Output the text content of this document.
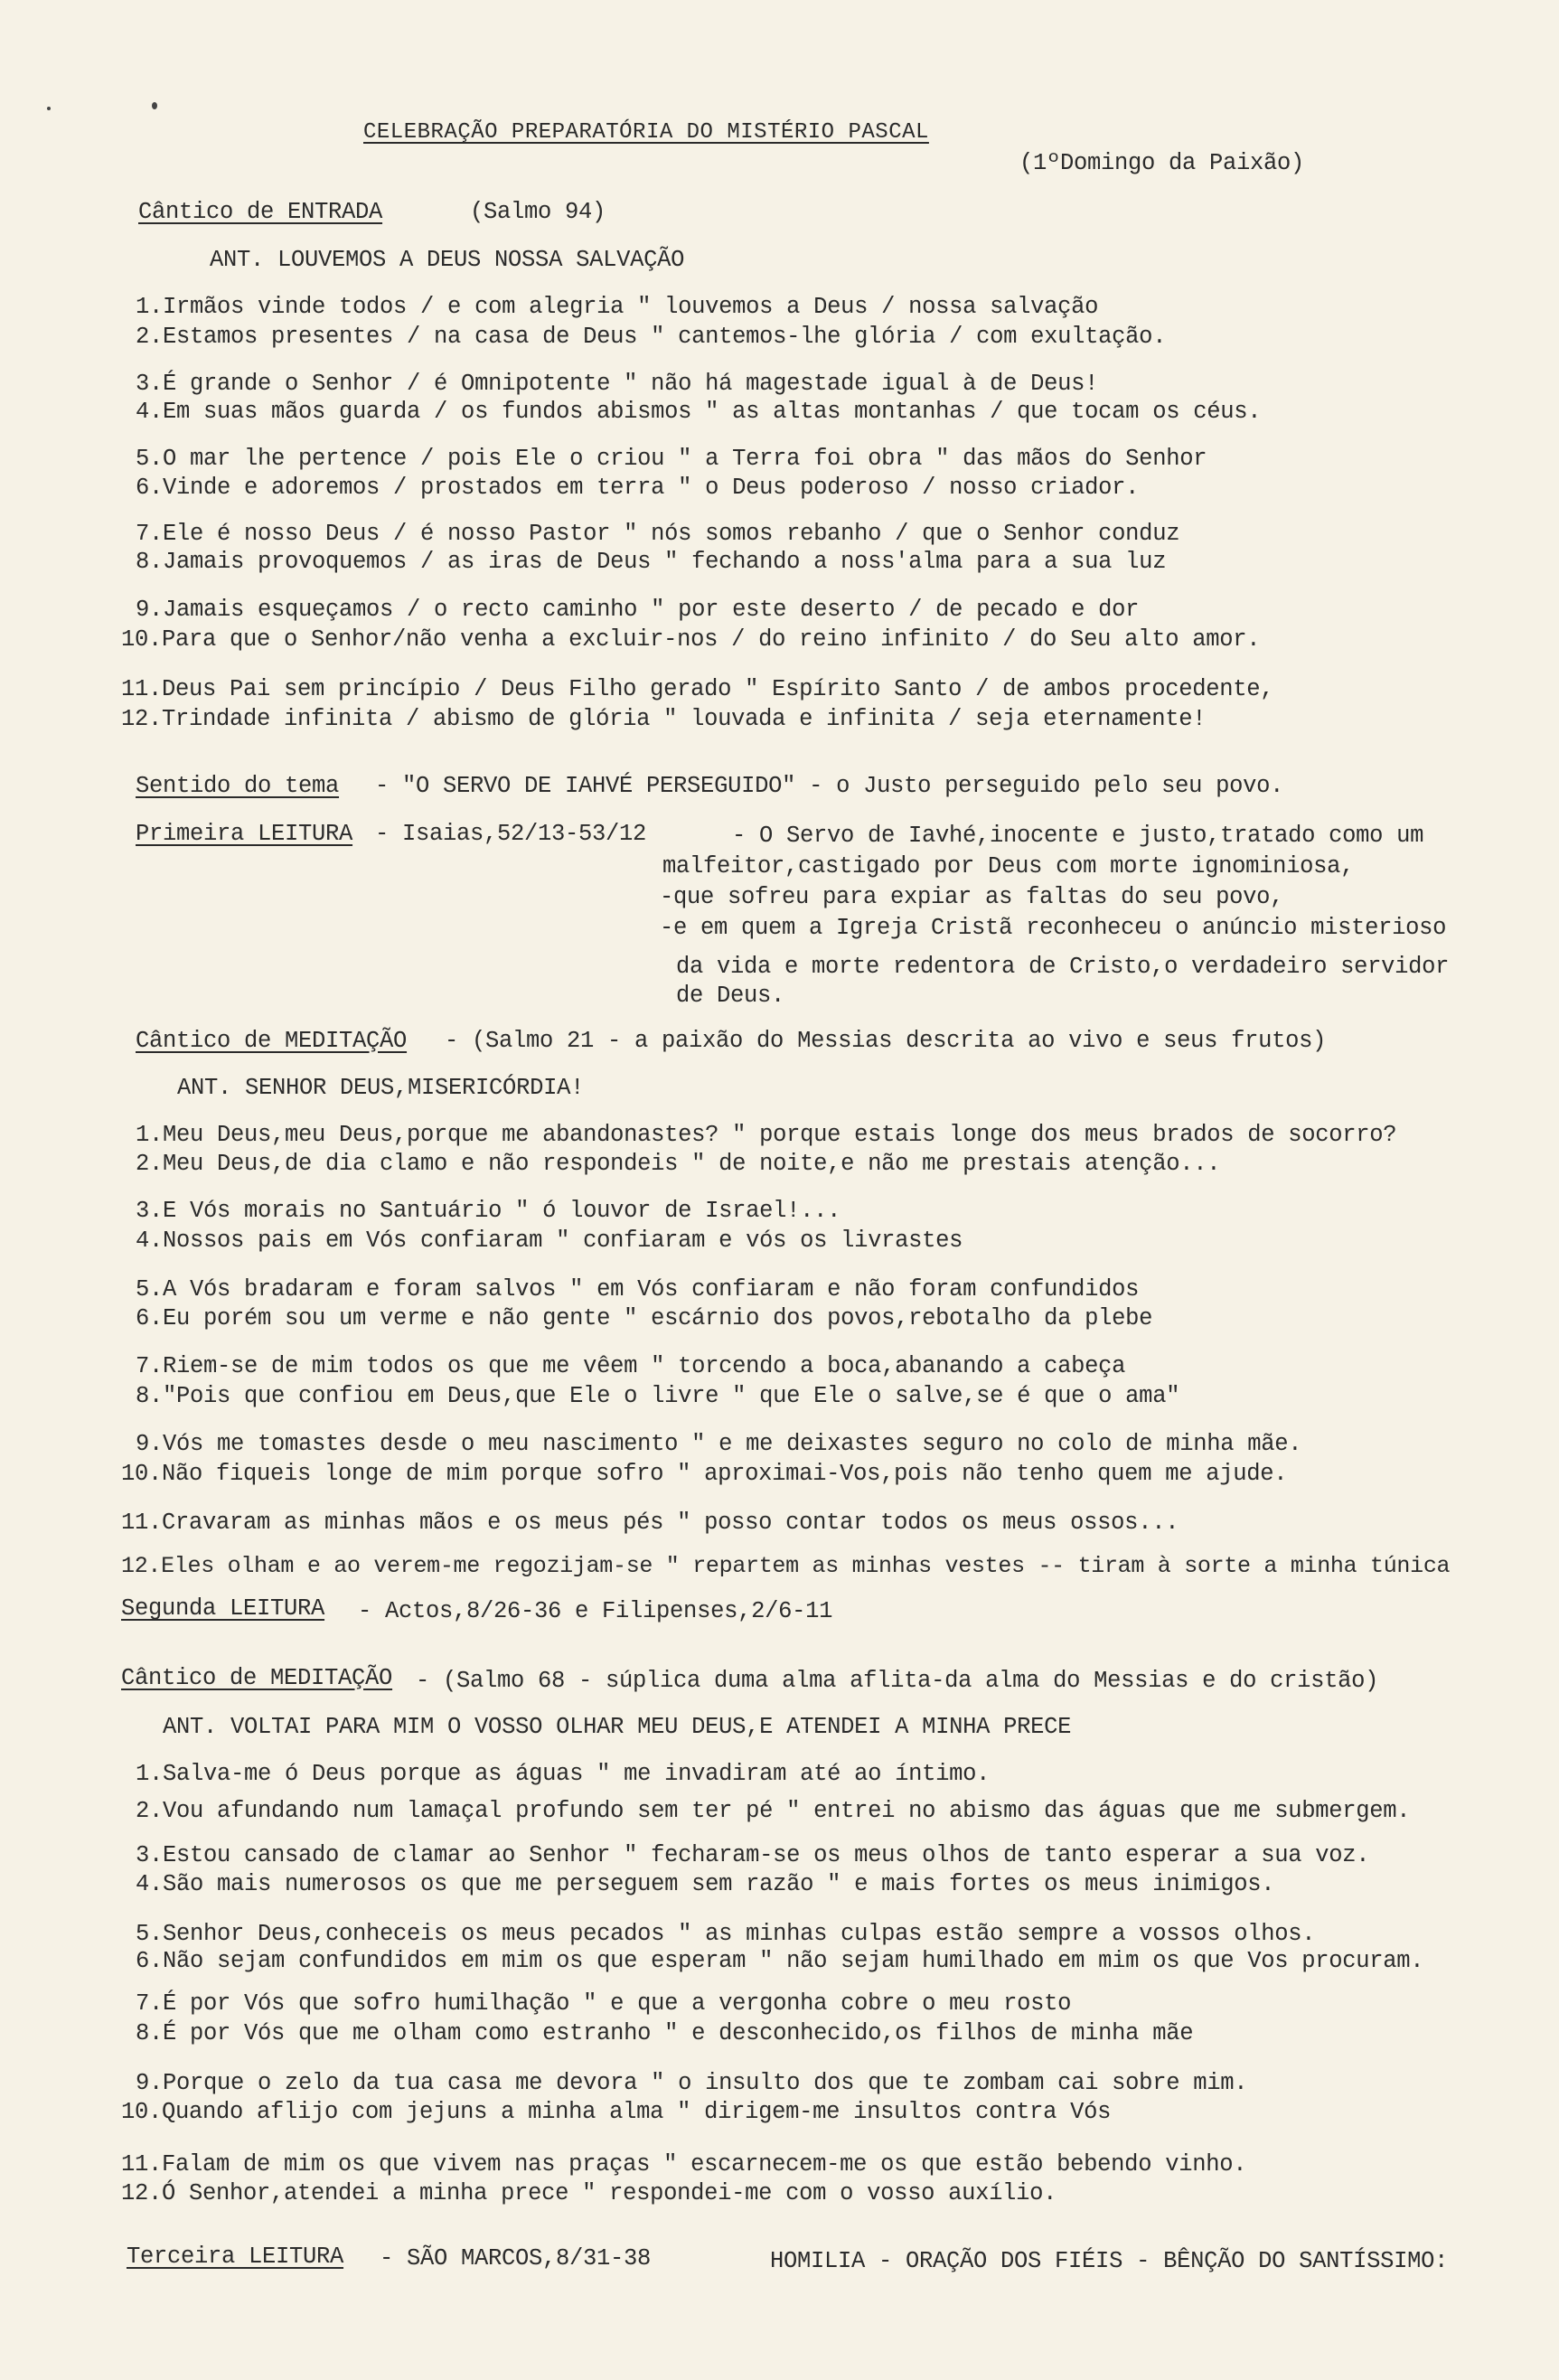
CELEBRAÇÃO PREPARATÓRIA DO MISTÉRIO PASCAL
(1ºDomingo da Paixão)
Cântico de ENTRADA	(Salmo 94)
ANT. LOUVEMOS A DEUS NOSSA SALVAÇÃO
1.Irmãos vinde todos / e com alegria " louvemos a Deus / nossa salvação
2.Estamos presentes / na casa de Deus " cantemos-lhe glória / com exultação.
3.É grande o Senhor / é Omnipotente " não há magestade igual à de Deus!
4.Em suas mãos guarda / os fundos abismos " as altas montanhas / que tocam os céus.
5.O mar lhe pertence / pois Ele o criou " a Terra foi obra " das mãos do Senhor
6.Vinde e adoremos / prostados em terra " o Deus poderoso / nosso criador.
7.Ele é nosso Deus / é nosso Pastor " nós somos rebanho / que o Senhor conduz
8.Jamais provoquemos / as iras de Deus " fechando a noss'alma para a sua luz
9.Jamais esqueçamos / o recto caminho " por este deserto / de pecado e dor
10.Para que o Senhor/não venha a excluir-nos / do reino infinito / do Seu alto amor.
11.Deus Pai sem princípio / Deus Filho gerado " Espírito Santo / de ambos procedente,
12.Trindade infinita / abismo de glória " louvada e infinita / seja eternamente!
Sentido do tema - "O SERVO DE IAHVÉ PERSEGUIDO" - o Justo perseguido pelo seu povo.
Primeira LEITURA - Isaias,52/13-53/12	- O Servo de Iavhé,inocente e justo,tratado como um
malfeitor,castigado por Deus com morte ignominiosa,
-que sofreu para expiar as faltas do seu povo,
-e em quem a Igreja Cristã reconheceu o anúncio misterioso
da vida e morte redentora de Cristo,o verdadeiro servidor
de Deus.
Cântico de MEDITAÇÃO - (Salmo 21 - a paixão do Messias descrita ao vivo e seus frutos)
ANT. SENHOR DEUS,MISERICÓRDIA!
1.Meu Deus,meu Deus,porque me abandonastes? " porque estais longe dos meus brados de socorro?
2.Meu Deus,de dia clamo e não respondeis " de noite,e não me prestais atenção...
3.E Vós morais no Santuário " ó louvor de Israel!...
4.Nossos pais em Vós confiaram " confiaram e vós os livrastes
5.A Vós bradaram e foram salvos " em Vós confiaram e não foram confundidos
6.Eu porém sou um verme e não gente " escárnio dos povos,rebotalho da plebe
7.Riem-se de mim todos os que me vêem " torcendo a boca,abanando a cabeça
8."Pois que confiou em Deus,que Ele o livre " que Ele o salve,se é que o ama"
9.Vós me tomastes desde o meu nascimento " e me deixastes seguro no colo de minha mãe.
10.Não fiqueis longe de mim porque sofro " aproximai-Vos,pois não tenho quem me ajude.
11.Cravaram as minhas mãos e os meus pés " posso contar todos os meus ossos...
12.Eles olham e ao verem-me regozijam-se " repartem as minhas vestes -- tiram à sorte a minha túnica
Segunda LEITURA - Actos,8/26-36 e Filipenses,2/6-11
Cântico de MEDITAÇÃO - (Salmo 68 - súplica duma alma aflita-da alma do Messias e do cristão)
ANT. VOLTAI PARA MIM O VOSSO OLHAR MEU DEUS,E ATENDEI A MINHA PRECE
1.Salva-me ó Deus porque as águas " me invadiram até ao íntimo.
2.Vou afundando num lamaçal profundo sem ter pé " entrei no abismo das águas que me submergem.
3.Estou cansado de clamar ao Senhor " fecharam-se os meus olhos de tanto esperar a sua voz.
4.São mais numerosos os que me perseguem sem razão " e mais fortes os meus inimigos.
5.Senhor Deus,conheceis os meus pecados " as minhas culpas estão sempre a vossos olhos.
6.Não sejam confundidos em mim os que esperam " não sejam humilhado em mim os que Vos procuram.
7.É por Vós que sofro humilhação " e que a vergonha cobre o meu rosto
8.É por Vós que me olham como estranho " e desconhecido,os filhos de minha mãe
9.Porque o zelo da tua casa me devora " o insulto dos que te zombam cai sobre mim.
10.Quando aflijo com jejuns a minha alma " dirigem-me insultos contra Vós
11.Falam de mim os que vivem nas praças " escarnecem-me os que estão bebendo vinho.
12.Ó Senhor,atendei a minha prece " respondei-me com o vosso auxílio.
Terceira LEITURA - SÃO MARCOS,8/31-38	HOMILIA - ORAÇÃO DOS FIÉIS - BÊNÇÃO DO SANTÍSSIMO:
